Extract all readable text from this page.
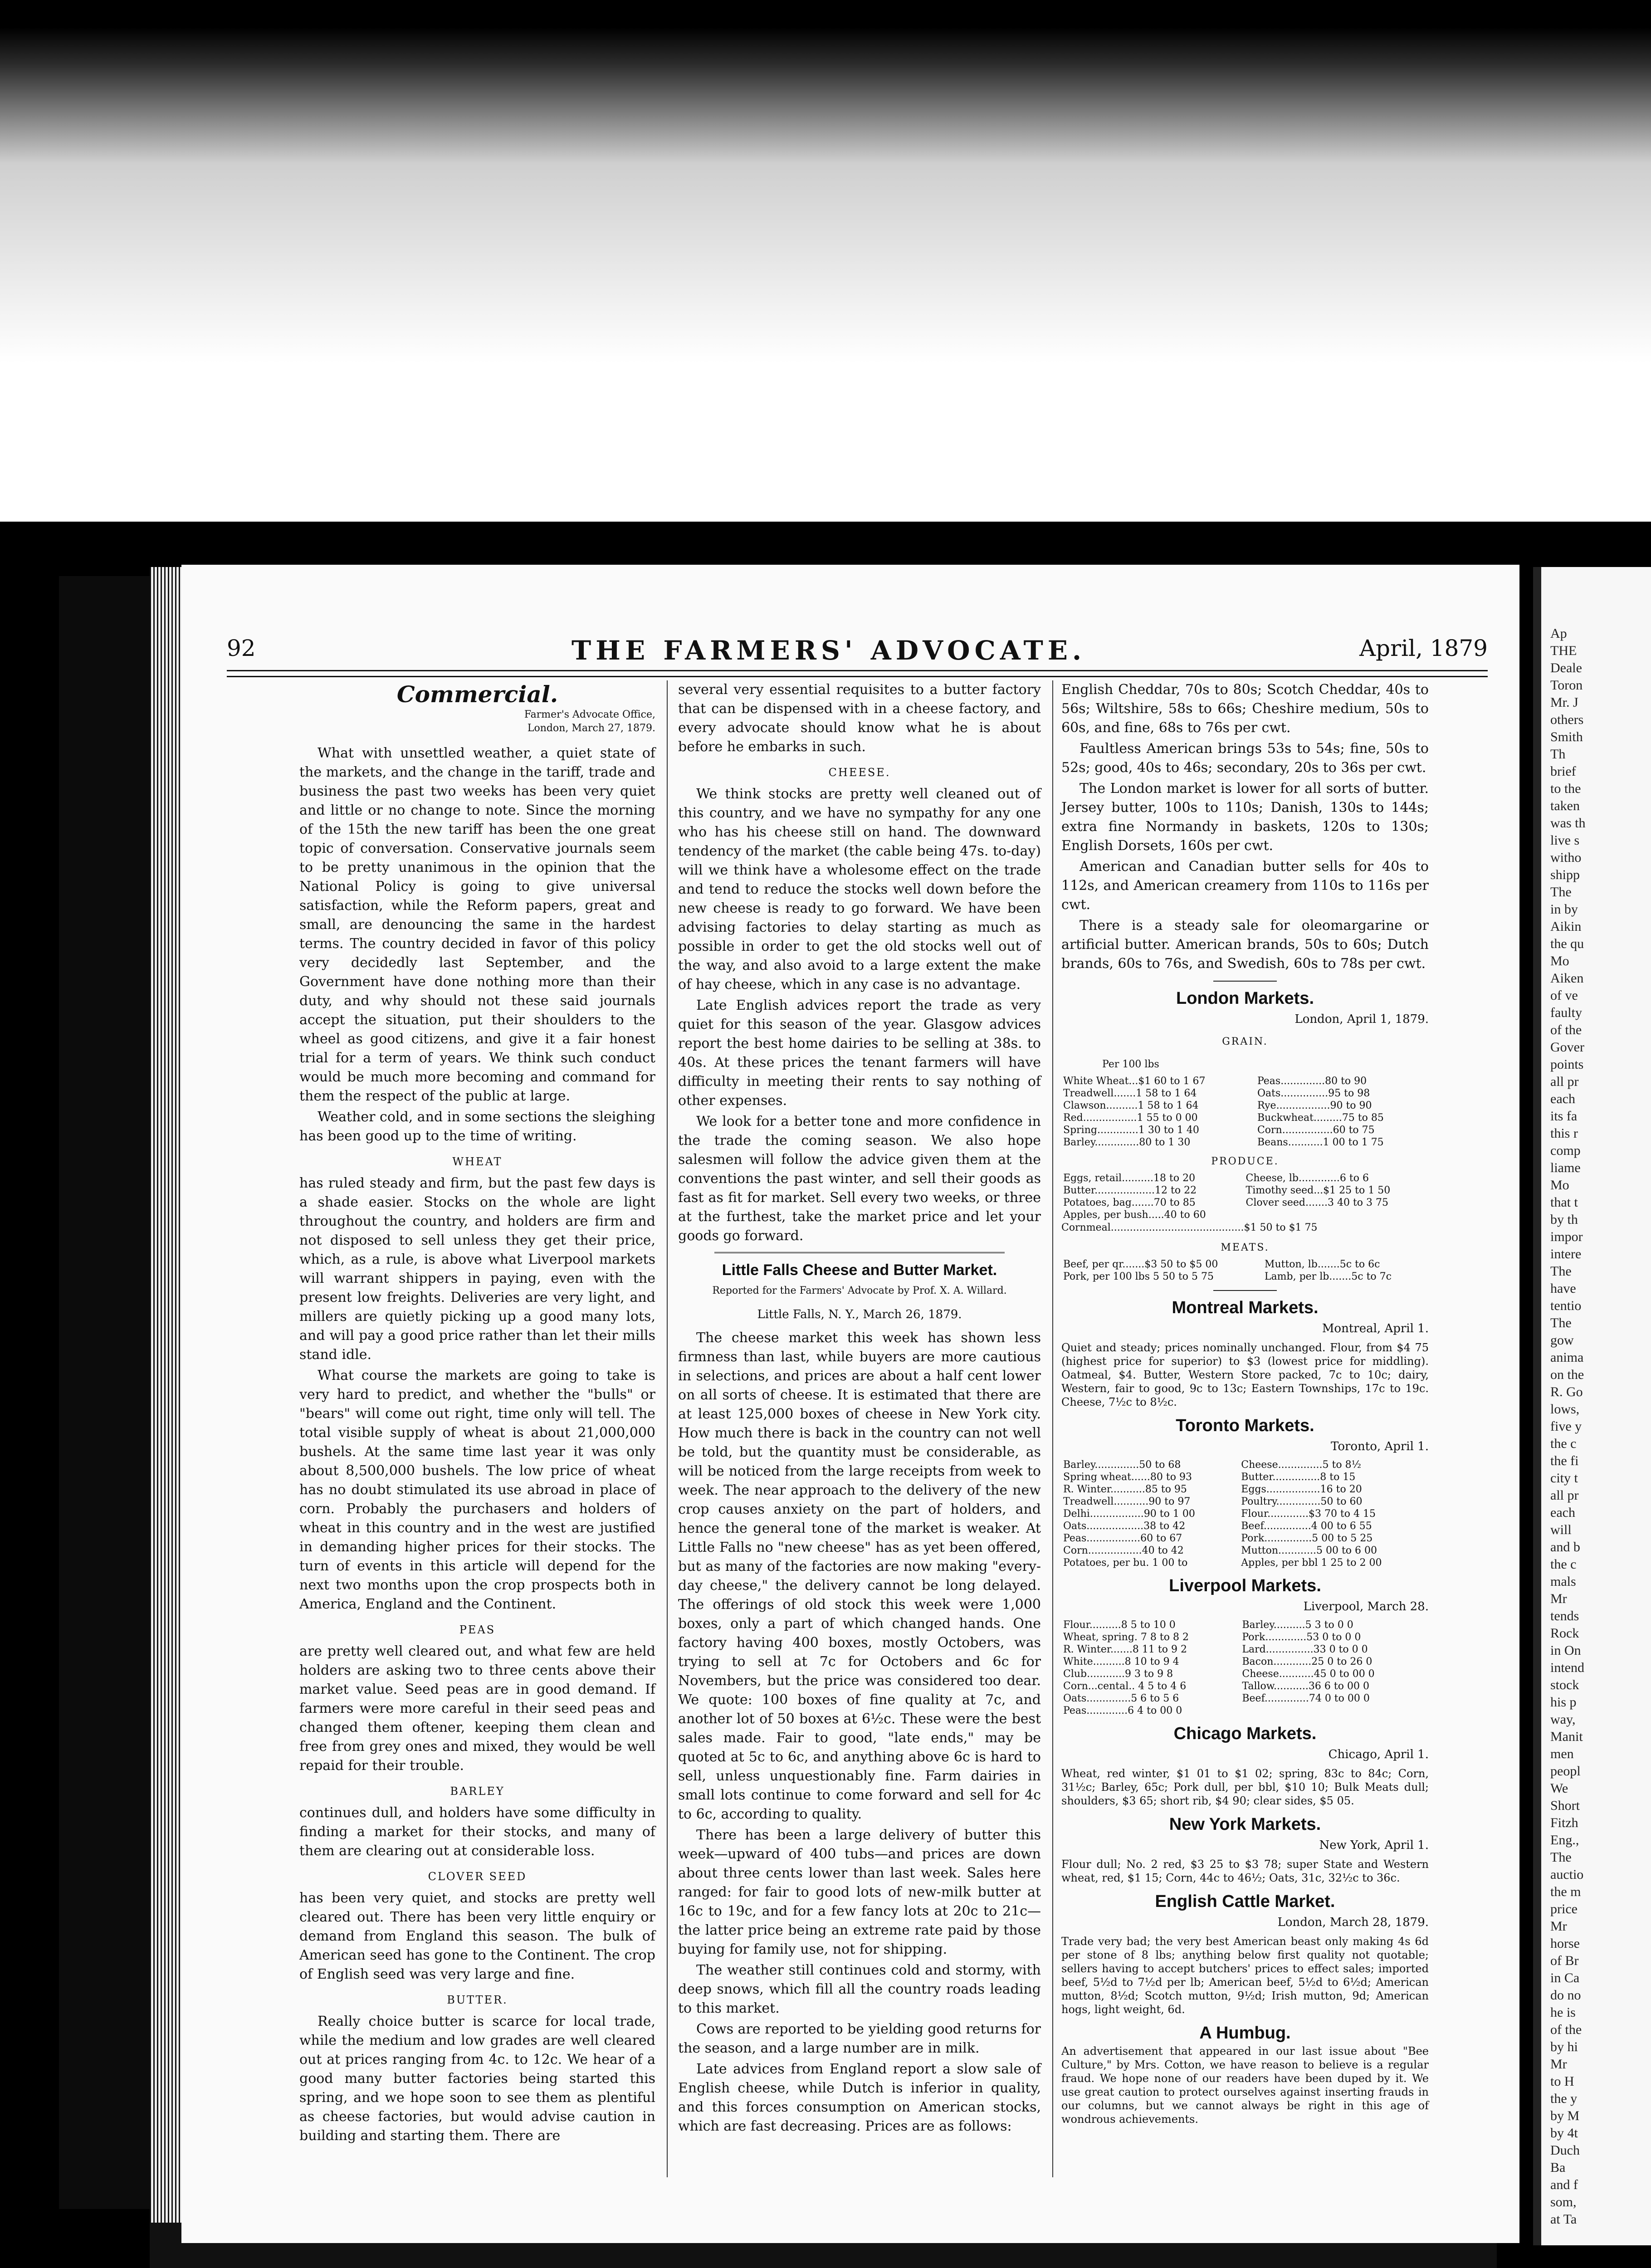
Ap
THE
Deale
Toron
Mr. J
others
Smith
Th
brief
to the
taken
was th
live s
witho
shipp
The
in by
Aikin
the qu
Mo
Aiken
of ve
faulty
of the
Gover
points
all pr
each
its fa
this r
comp
liame
Mo
that t
by th
impor
intere
The
have
tentio
The
gow
anima
on the
R. Go
lows,
five y
the c
the fi
city t
all pr
each
will
and b
the c
mals
Mr
tends
Rock
in On
intend
stock
his p
way,
Manit
men
peopl
We
Short
Fitzh
Eng.,
The
auctio
the m
price
Mr
horse
of Br
in Ca
do no
he is
of the
by hi
Mr
to H
the y
by M
by 4t
Duch
Ba
and f
som,
at Ta
92	THE FARMERS' ADVOCATE.	April, 1879
Commercial.
Farmer's Advocate Office,
London, March 27, 1879.

What with unsettled weather, a quiet state of the markets, and the change in the tariff, trade and business the past two weeks has been very quiet and little or no change to note. Since the morning of the 15th the new tariff has been the one great topic of conversation. Conservative journals seem to be pretty unanimous in the opinion that the National Policy is going to give universal satisfaction, while the Reform papers, great and small, are denouncing the same in the hardest terms. The country decided in favor of this policy very decidedly last September, and the Government have done nothing more than their duty, and why should not these said journals accept the situation, put their shoulders to the wheel as good citizens, and give it a fair honest trial for a term of years. We think such conduct would be much more becoming and command for them the respect of the public at large.

Weather cold, and in some sections the sleighing has been good up to the time of writing.

WHEAT

has ruled steady and firm, but the past few days is a shade easier. Stocks on the whole are light throughout the country, and holders are firm and not disposed to sell unless they get their price, which, as a rule, is above what Liverpool markets will warrant shippers in paying, even with the present low freights. Deliveries are very light, and millers are quietly picking up a good many lots, and will pay a good price rather than let their mills stand idle.

What course the markets are going to take is very hard to predict, and whether the "bulls" or "bears" will come out right, time only will tell. The total visible supply of wheat is about 21,000,000 bushels. At the same time last year it was only about 8,500,000 bushels. The low price of wheat has no doubt stimulated its use abroad in place of corn. Probably the purchasers and holders of wheat in this country and in the west are justified in demanding higher prices for their stocks. The turn of events in this article will depend for the next two months upon the crop prospects both in America, England and the Continent.

PEAS

are pretty well cleared out, and what few are held holders are asking two to three cents above their market value. Seed peas are in good demand. If farmers were more careful in their seed peas and changed them oftener, keeping them clean and free from grey ones and mixed, they would be well repaid for their trouble.

BARLEY

continues dull, and holders have some difficulty in finding a market for their stocks, and many of them are clearing out at considerable loss.

CLOVER SEED

has been very quiet, and stocks are pretty well cleared out. There has been very little enquiry or demand from England this season. The bulk of American seed has gone to the Continent. The crop of English seed was very large and fine.

BUTTER.

Really choice butter is scarce for local trade, while the medium and low grades are well cleared out at prices ranging from 4c. to 12c. We hear of a good many butter factories being started this spring, and we hope soon to see them as plentiful as cheese factories, but would advise caution in building and starting them. There are

several very essential requisites to a butter factory that can be dispensed with in a cheese factory, and every advocate should know what he is about before he embarks in such.

CHEESE.

We think stocks are pretty well cleaned out of this country, and we have no sympathy for any one who has his cheese still on hand. The downward tendency of the market (the cable being 47s. to-day) will we think have a wholesome effect on the trade and tend to reduce the stocks well down before the new cheese is ready to go forward. We have been advising factories to delay starting as much as possible in order to get the old stocks well out of the way, and also avoid to a large extent the make of hay cheese, which in any case is no advantage.

Late English advices report the trade as very quiet for this season of the year. Glasgow advices report the best home dairies to be selling at 38s. to 40s. At these prices the tenant farmers will have difficulty in meeting their rents to say nothing of other expenses.

We look for a better tone and more confidence in the trade the coming season. We also hope salesmen will follow the advice given them at the conventions the past winter, and sell their goods as fast as fit for market. Sell every two weeks, or three at the furthest, take the market price and let your goods go forward.

Little Falls Cheese and Butter Market.
Reported for the Farmers' Advocate by Prof. X. A. Willard.
Little Falls, N. Y., March 26, 1879.

The cheese market this week has shown less firmness than last, while buyers are more cautious in selections, and prices are about a half cent lower on all sorts of cheese. It is estimated that there are at least 125,000 boxes of cheese in New York city. How much there is back in the country can not well be told, but the quantity must be considerable, as will be noticed from the large receipts from week to week. The near approach to the delivery of the new crop causes anxiety on the part of holders, and hence the general tone of the market is weaker. At Little Falls no "new cheese" has as yet been offered, but as many of the factories are now making "every-day cheese," the delivery cannot be long delayed. The offerings of old stock this week were 1,000 boxes, only a part of which changed hands. One factory having 400 boxes, mostly Octobers, was trying to sell at 7c for Octobers and 6c for Novembers, but the price was considered too dear. We quote: 100 boxes of fine quality at 7c, and another lot of 50 boxes at 6½c. These were the best sales made. Fair to good, "late ends," may be quoted at 5c to 6c, and anything above 6c is hard to sell, unless unquestionably fine. Farm dairies in small lots continue to come forward and sell for 4c to 6c, according to quality.

There has been a large delivery of butter this week—upward of 400 tubs—and prices are down about three cents lower than last week. Sales here ranged: for fair to good lots of new-milk butter at 16c to 19c, and for a few fancy lots at 20c to 21c—the latter price being an extreme rate paid by those buying for family use, not for shipping.

The weather still continues cold and stormy, with deep snows, which fill all the country roads leading to this market.

Cows are reported to be yielding good returns for the season, and a large number are in milk.

Late advices from England report a slow sale of English cheese, while Dutch is inferior in quality, and this forces consumption on American stocks, which are fast decreasing. Prices are as follows:

English Cheddar, 70s to 80s; Scotch Cheddar, 40s to 56s; Wiltshire, 58s to 66s; Cheshire medium, 50s to 60s, and fine, 68s to 76s per cwt.

Faultless American brings 53s to 54s; fine, 50s to 52s; good, 40s to 46s; secondary, 20s to 36s per cwt.

The London market is lower for all sorts of butter. Jersey butter, 100s to 110s; Danish, 130s to 144s; extra fine Normandy in baskets, 120s to 130s; English Dorsets, 160s per cwt.

American and Canadian butter sells for 40s to 112s, and American creamery from 110s to 116s per cwt.

There is a steady sale for oleomargarine or artificial butter. American brands, 50s to 60s; Dutch brands, 60s to 76s, and Swedish, 60s to 78s per cwt.

London Markets.
London, April 1, 1879.
GRAIN.
Per 100 lbs
White Wheat...$1 60 to 1 67	Peas..............80 to 90
Treadwell.......1 58 to 1 64	Oats...............95 to 98
Clawson..........1 58 to 1 64	Rye.................90 to 90
Red.................1 55 to 0 00	Buckwheat.........75 to 85
Spring.............1 30 to 1 40	Corn................60 to 75
Barley..............80 to 1 30	Beans...........1 00 to 1 75
PRODUCE.
Eggs, retail..........18 to 20	Cheese, lb.............6 to 6
Butter...................12 to 22	Timothy seed...$1 25 to 1 50
Potatoes, bag.......70 to 85	Clover seed.......3 40 to 3 75
Apples, per bush.....40 to 60	
Cornmeal..........................................$1 50 to $1 75
MEATS.
Beef, per qr.......$3 50 to $5 00	Mutton, lb.......5c to 6c
Pork, per 100 lbs 5 50 to 5 75	Lamb, per lb.......5c to 7c
Montreal Markets.
Montreal, April 1.
Quiet and steady; prices nominally unchanged. Flour, from $4 75 (highest price for superior) to $3 (lowest price for middling). Oatmeal, $4. Butter, Western Store packed, 7c to 10c; dairy, Western, fair to good, 9c to 13c; Eastern Townships, 17c to 19c. Cheese, 7½c to 8½c.
Toronto Markets.
Toronto, April 1.
Barley..............50 to 68	Cheese..............5 to 8½
Spring wheat......80 to 93	Butter...............8 to 15
R. Winter...........85 to 95	Eggs.................16 to 20
Treadwell...........90 to 97	Poultry..............50 to 60
Delhi.................90 to 1 00	Flour.............$3 70 to 4 15
Oats..................38 to 42	Beef...............4 00 to 6 55
Peas.................60 to 67	Pork...............5 00 to 5 25
Corn.................40 to 42	Mutton............5 00 to 6 00
Potatoes, per bu. 1 00 to	Apples, per bbl 1 25 to 2 00
Liverpool Markets.
Liverpool, March 28.
Flour..........8 5 to 10 0	Barley..........5 3 to 0 0
Wheat, spring. 7 8 to 8 2	Pork.............53 0 to 0 0
R. Winter.......8 11 to 9 2	Lard...............33 0 to 0 0
White..........8 10 to 9 4	Bacon............25 0 to 26 0
Club............9 3 to 9 8	Cheese...........45 0 to 00 0
Corn...cental.. 4 5 to 4 6	Tallow...........36 6 to 00 0
Oats..............5 6 to 5 6	Beef..............74 0 to 00 0
Peas.............6 4 to 00 0	
Chicago Markets.
Chicago, April 1.
Wheat, red winter, $1 01 to $1 02; spring, 83c to 84c; Corn, 31½c; Barley, 65c; Pork dull, per bbl, $10 10; Bulk Meats dull; shoulders, $3 65; short rib, $4 90; clear sides, $5 05.
New York Markets.
New York, April 1.
Flour dull; No. 2 red, $3 25 to $3 78; super State and Western wheat, red, $1 15; Corn, 44c to 46½; Oats, 31c, 32½c to 36c.
English Cattle Market.
London, March 28, 1879.
Trade very bad; the very best American beast only making 4s 6d per stone of 8 lbs; anything below first quality not quotable; sellers having to accept butchers' prices to effect sales; imported beef, 5½d to 7½d per lb; American beef, 5½d to 6½d; American mutton, 8½d; Scotch mutton, 9½d; Irish mutton, 9d; American hogs, light weight, 6d.
A Humbug.
An advertisement that appeared in our last issue about "Bee Culture," by Mrs. Cotton, we have reason to believe is a regular fraud. We hope none of our readers have been duped by it. We use great caution to protect ourselves against inserting frauds in our columns, but we cannot always be right in this age of wondrous achievements.
